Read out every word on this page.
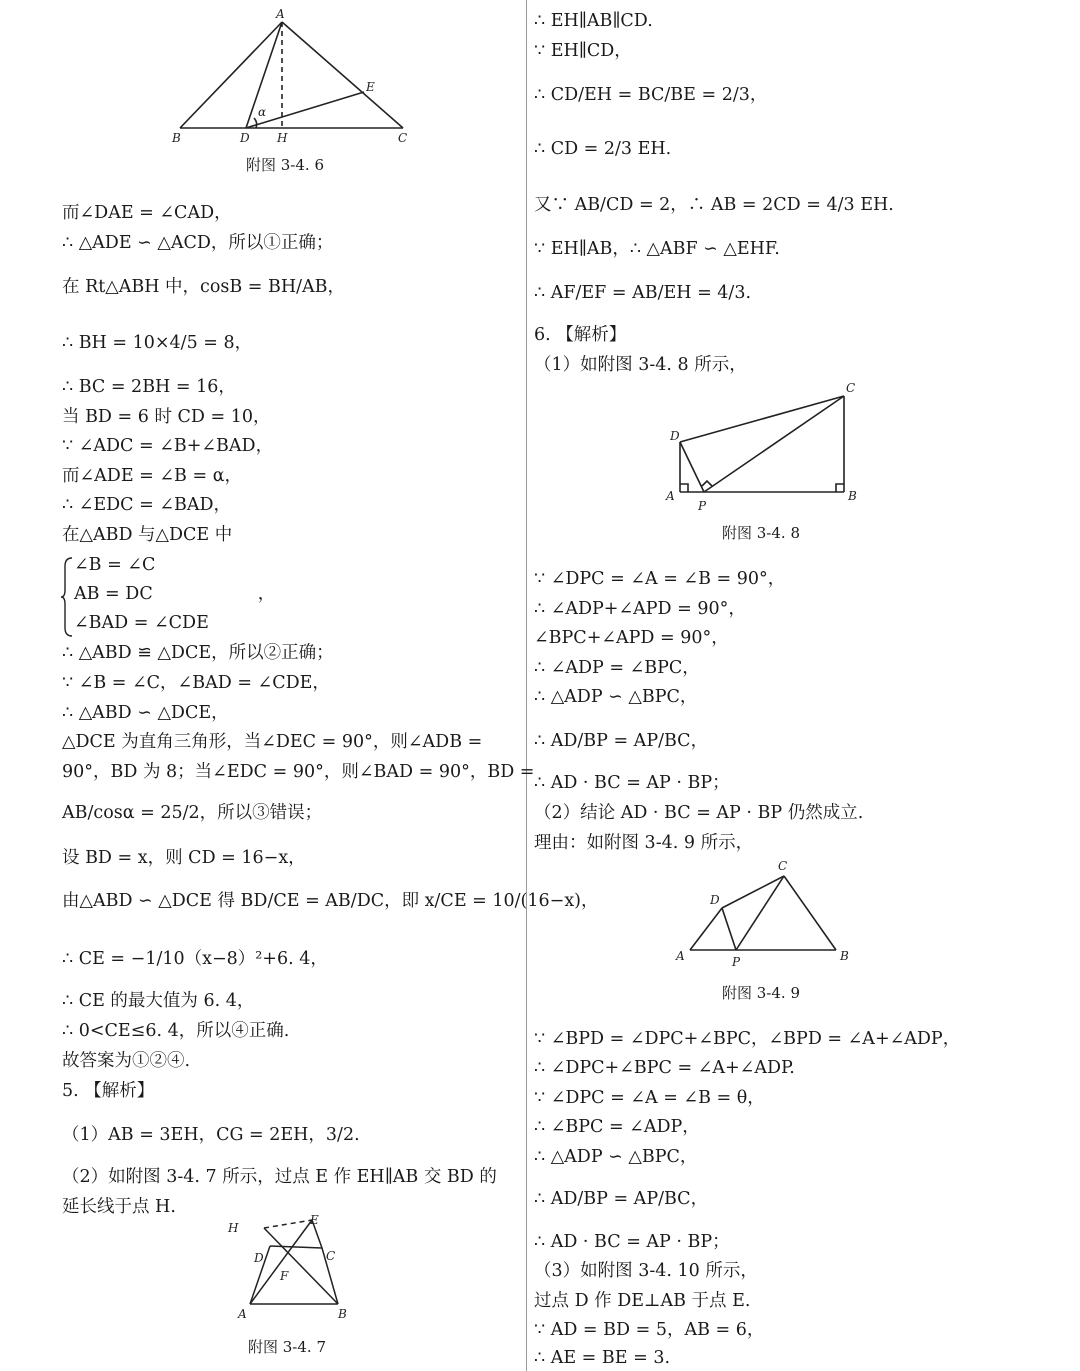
A
B	C
D H
E
α
附图 3-4. 6
而∠DAE = ∠CAD，
∴ △ADE ∽ △ACD，所以①正确；
在 Rt△ABH 中，cosB = BH/AB，
∴ BH = 10×4/5 = 8，
∴ BC = 2BH = 16，
当 BD = 6 时 CD = 10，
∵ ∠ADC = ∠B+∠BAD，
而∠ADE = ∠B = α，
∴ ∠EDC = ∠BAD，
在△ABD 与△DCE 中
∠B = ∠C
AB = DC　　　　　　，
∠BAD = ∠CDE
∴ △ABD ≌ △DCE，所以②正确；
∵ ∠B = ∠C，∠BAD = ∠CDE，
∴ △ABD ∽ △DCE，
△DCE 为直角三角形，当∠DEC = 90°，则∠ADB =
90°，BD 为 8；当∠EDC = 90°，则∠BAD = 90°，BD =
AB/cosα = 25/2，所以③错误；
设 BD = x，则 CD = 16−x，
由△ABD ∽ △DCE 得 BD/CE = AB/DC，即 x/CE = 10/(16−x)，
∴ CE = −1/10（x−8）²+6. 4，
∴ CE 的最大值为 6. 4，
∴ 0<CE≤6. 4，所以④正确.
故答案为①②④.
5. 【解析】
（1）AB = 3EH，CG = 2EH，3/2.
（2）如附图 3-4. 7 所示，过点 E 作 EH∥AB 交 BD 的
延长线于点 H.
H
E
D	C
F
A	B
附图 3-4. 7
∴ EH∥AB∥CD.
∵ EH∥CD，
∴ CD/EH = BC/BE = 2/3，
∴ CD = 2/3 EH.
又∵ AB/CD = 2，∴ AB = 2CD = 4/3 EH.
∵ EH∥AB，∴ △ABF ∽ △EHF.
∴ AF/EF = AB/EH = 4/3.
6. 【解析】
（1）如附图 3-4. 8 所示，
C
D
A
P
B
附图 3-4. 8
∵ ∠DPC = ∠A = ∠B = 90°，
∴ ∠ADP+∠APD = 90°，
∠BPC+∠APD = 90°，
∴ ∠ADP = ∠BPC，
∴ △ADP ∽ △BPC，
∴ AD/BP = AP/BC，
∴ AD · BC = AP · BP；
（2）结论 AD · BC = AP · BP 仍然成立.
理由：如附图 3-4. 9 所示，
C
D
A	P	B
附图 3-4. 9
∵ ∠BPD = ∠DPC+∠BPC，∠BPD = ∠A+∠ADP，
∴ ∠DPC+∠BPC = ∠A+∠ADP.
∵ ∠DPC = ∠A = ∠B = θ，
∴ ∠BPC = ∠ADP，
∴ △ADP ∽ △BPC，
∴ AD/BP = AP/BC，
∴ AD · BC = AP · BP；
（3）如附图 3-4. 10 所示，
过点 D 作 DE⊥AB 于点 E.
∵ AD = BD = 5，AB = 6，
∴ AE = BE = 3.
